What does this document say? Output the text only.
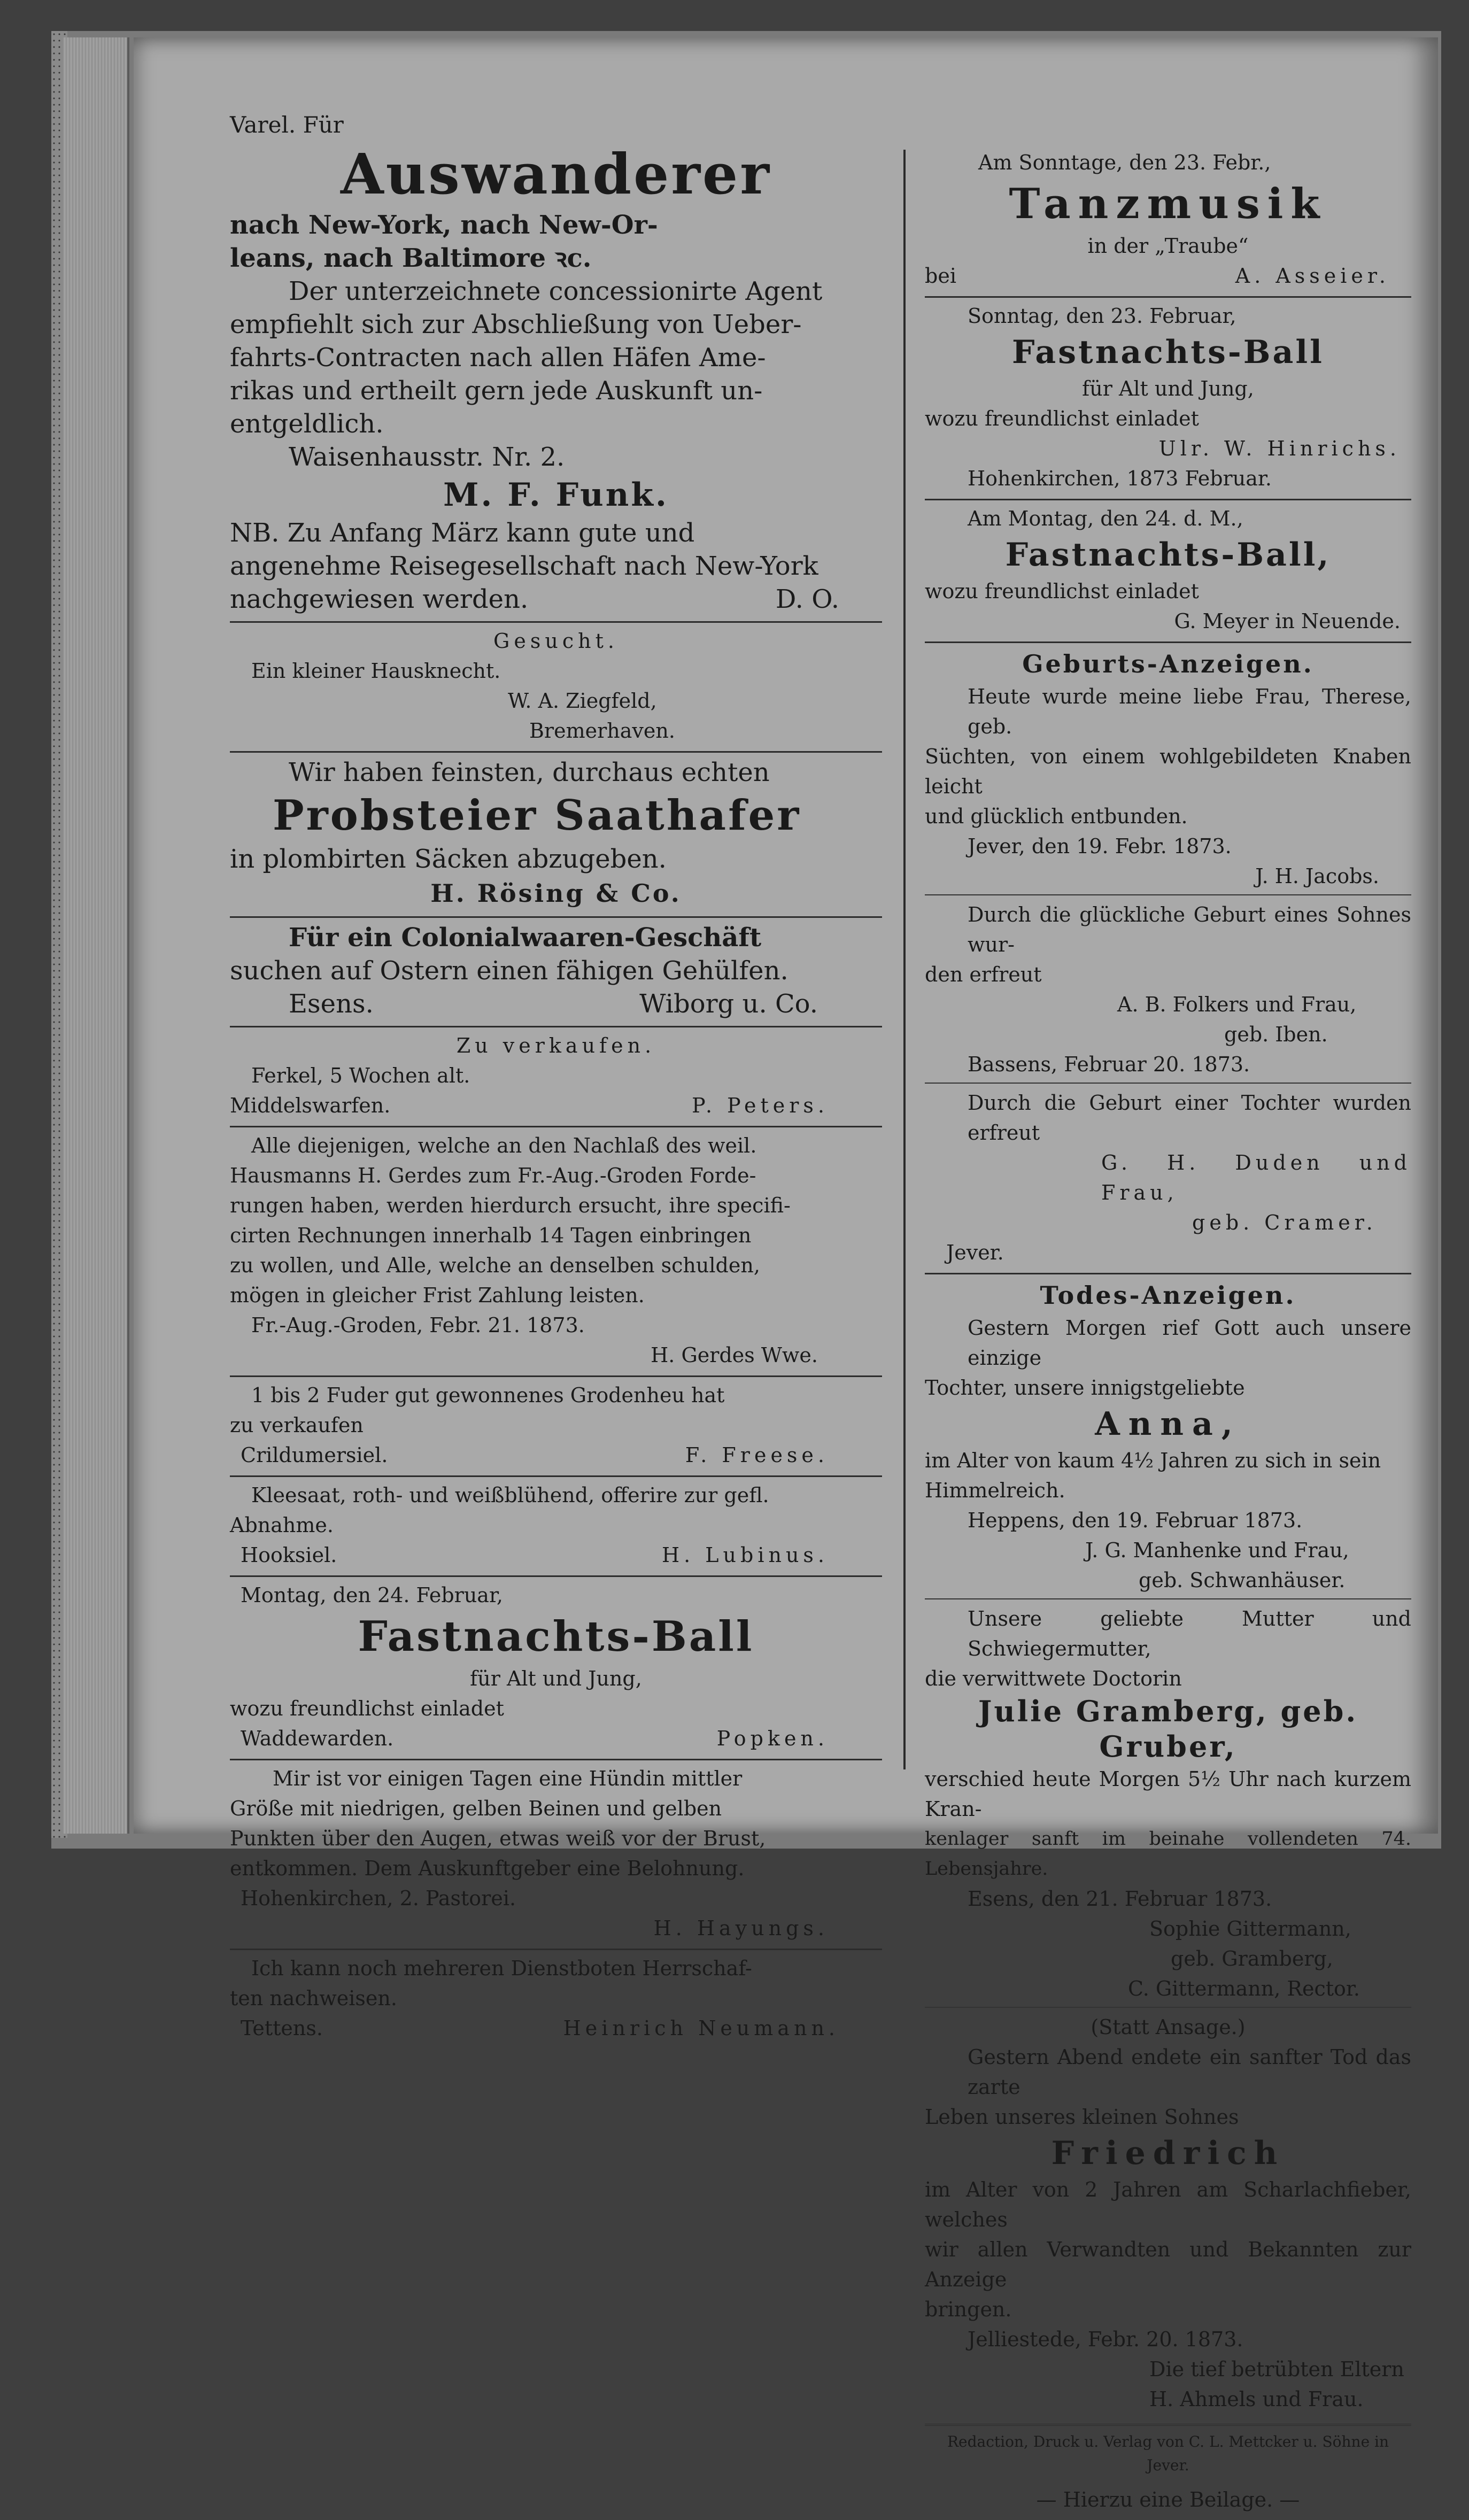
Varel. Für
Auswanderer
nach New-York, nach New-Or-
leans, nach Baltimore ꝛc.
Der unterzeichnete concessionirte Agent
empfiehlt sich zur Abschließung von Ueber-
fahrts-Contracten nach allen Häfen Ame-
rikas und ertheilt gern jede Auskunft un-
entgeldlich.
Waisenhausstr. Nr. 2.
M. F. Funk.
NB. Zu Anfang März kann gute und
angenehme Reisegesellschaft nach New-York
nachgewiesen werden.	D. O.
Gesucht.
Ein kleiner Hausknecht.
W. A. Ziegfeld,
Bremerhaven.
Wir haben feinsten, durchaus echten
Probsteier Saathafer
in plombirten Säcken abzugeben.
H. Rösing & Co.
Für ein Colonialwaaren-Geschäft
suchen auf Ostern einen fähigen Gehülfen.
Esens.	Wiborg u. Co.
Zu verkaufen.
Ferkel, 5 Wochen alt.
Middelswarfen.	P. Peters.
Alle diejenigen, welche an den Nachlaß des weil.
Hausmanns H. Gerdes zum Fr.-Aug.-Groden Forde-
rungen haben, werden hierdurch ersucht, ihre specifi-
cirten Rechnungen innerhalb 14 Tagen einbringen
zu wollen, und Alle, welche an denselben schulden,
mögen in gleicher Frist Zahlung leisten.
Fr.-Aug.-Groden, Febr. 21. 1873.
H. Gerdes Wwe.
1 bis 2 Fuder gut gewonnenes Grodenheu hat
zu verkaufen
Crildumersiel.	F. Freese.
Kleesaat, roth- und weißblühend, offerire zur gefl.
Abnahme.
Hooksiel.	H. Lubinus.
Montag, den 24. Februar,
Fastnachts-Ball
für Alt und Jung,
wozu freundlichst einladet
Waddewarden.	Popken.
Mir ist vor einigen Tagen eine Hündin mittler
Größe mit niedrigen, gelben Beinen und gelben
Punkten über den Augen, etwas weiß vor der Brust,
entkommen. Dem Auskunftgeber eine Belohnung.
Hohenkirchen, 2. Pastorei.
H. Hayungs.
Ich kann noch mehreren Dienstboten Herrschaf-
ten nachweisen.
Tettens.	Heinrich Neumann.
Am Sonntage, den 23. Febr.,
Tanzmusik
in der „Traube“
bei	A. Asseier.
Sonntag, den 23. Februar,
Fastnachts-Ball
für Alt und Jung,
wozu freundlichst einladet
Ulr. W. Hinrichs.
Hohenkirchen, 1873 Februar.
Am Montag, den 24. d. M.,
Fastnachts-Ball,
wozu freundlichst einladet
G. Meyer in Neuende.
Geburts-Anzeigen.
Heute wurde meine liebe Frau, Therese, geb.
Süchten, von einem wohlgebildeten Knaben leicht
und glücklich entbunden.
Jever, den 19. Febr. 1873.
J. H. Jacobs.
Durch die glückliche Geburt eines Sohnes wur-
den erfreut
A. B. Folkers und Frau,
geb. Iben.
Bassens, Februar 20. 1873.
Durch die Geburt einer Tochter wurden erfreut
G. H. Duden und Frau,
geb. Cramer.
Jever.
Todes-Anzeigen.
Gestern Morgen rief Gott auch unsere einzige
Tochter, unsere innigstgeliebte
Anna,
im Alter von kaum 4½ Jahren zu sich in sein
Himmelreich.
Heppens, den 19. Februar 1873.
J. G. Manhenke und Frau,
geb. Schwanhäuser.
Unsere geliebte Mutter und Schwiegermutter,
die verwittwete Doctorin
Julie Gramberg, geb. Gruber,
verschied heute Morgen 5½ Uhr nach kurzem Kran-
kenlager sanft im beinahe vollendeten 74. Lebensjahre.
Esens, den 21. Februar 1873.
Sophie Gittermann,
geb. Gramberg,
C. Gittermann, Rector.
(Statt Ansage.)
Gestern Abend endete ein sanfter Tod das zarte
Leben unseres kleinen Sohnes
Friedrich
im Alter von 2 Jahren am Scharlachfieber, welches
wir allen Verwandten und Bekannten zur Anzeige
bringen.
Jelliestede, Febr. 20. 1873.
Die tief betrübten Eltern
H. Ahmels und Frau.
Redaction, Druck u. Verlag von C. L. Mettcker u. Söhne in Jever.
— Hierzu eine Beilage. —
